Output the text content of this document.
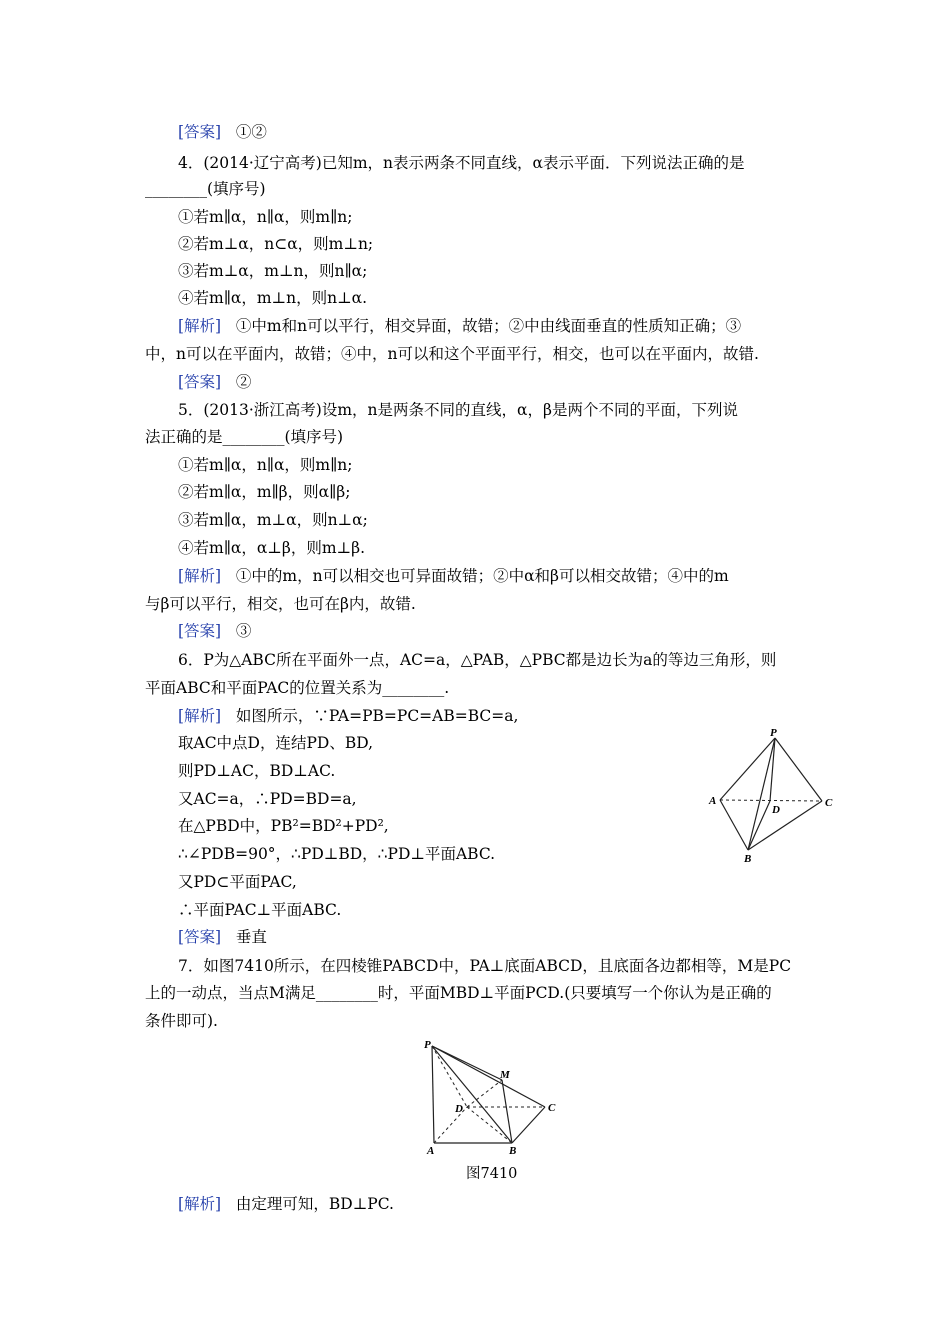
[答案] ①②
4．(2014·辽宁高考)已知m，n表示两条不同直线，α表示平面．下列说法正确的是
________(填序号)
①若m∥α，n∥α，则m∥n;
②若m⊥α，n⊂α，则m⊥n;
③若m⊥α，m⊥n，则n∥α;
④若m∥α，m⊥n，则n⊥α.
[解析] ①中m和n可以平行，相交异面，故错；②中由线面垂直的性质知正确；③
中，n可以在平面内，故错；④中，n可以和这个平面平行，相交，也可以在平面内，故错.
[答案] ②
5．(2013·浙江高考)设m，n是两条不同的直线，α，β是两个不同的平面，下列说
法正确的是________(填序号)
①若m∥α，n∥α，则m∥n;
②若m∥α，m∥β，则α∥β;
③若m∥α，m⊥α，则n⊥α;
④若m∥α，α⊥β，则m⊥β.
[解析] ①中的m，n可以相交也可异面故错；②中α和β可以相交故错；④中的m
与β可以平行，相交，也可在β内，故错.
[答案] ③
6．P为△ABC所在平面外一点，AC=a，△PAB，△PBC都是边长为a的等边三角形，则
平面ABC和平面PAC的位置关系为________.
[解析] 如图所示，∵PA=PB=PC=AB=BC=a,
取AC中点D，连结PD、BD,
则PD⊥AC，BD⊥AC.
又AC=a，∴PD=BD=a,
在△PBD中，PB²=BD²+PD²,
∴∠PDB=90°，∴PD⊥BD，∴PD⊥平面ABC.
又PD⊂平面PAC,
∴平面PAC⊥平面ABC.
[答案] 垂直
P
A	C
D
B
7．如图7410所示，在四棱锥PABCD中，PA⊥底面ABCD，且底面各边都相等，M是PC
上的一动点，当点M满足________时，平面MBD⊥平面PCD.(只要填写一个你认为是正确的
条件即可).
P
M
D	C
A	B
图7410
[解析] 由定理可知，BD⊥PC.
